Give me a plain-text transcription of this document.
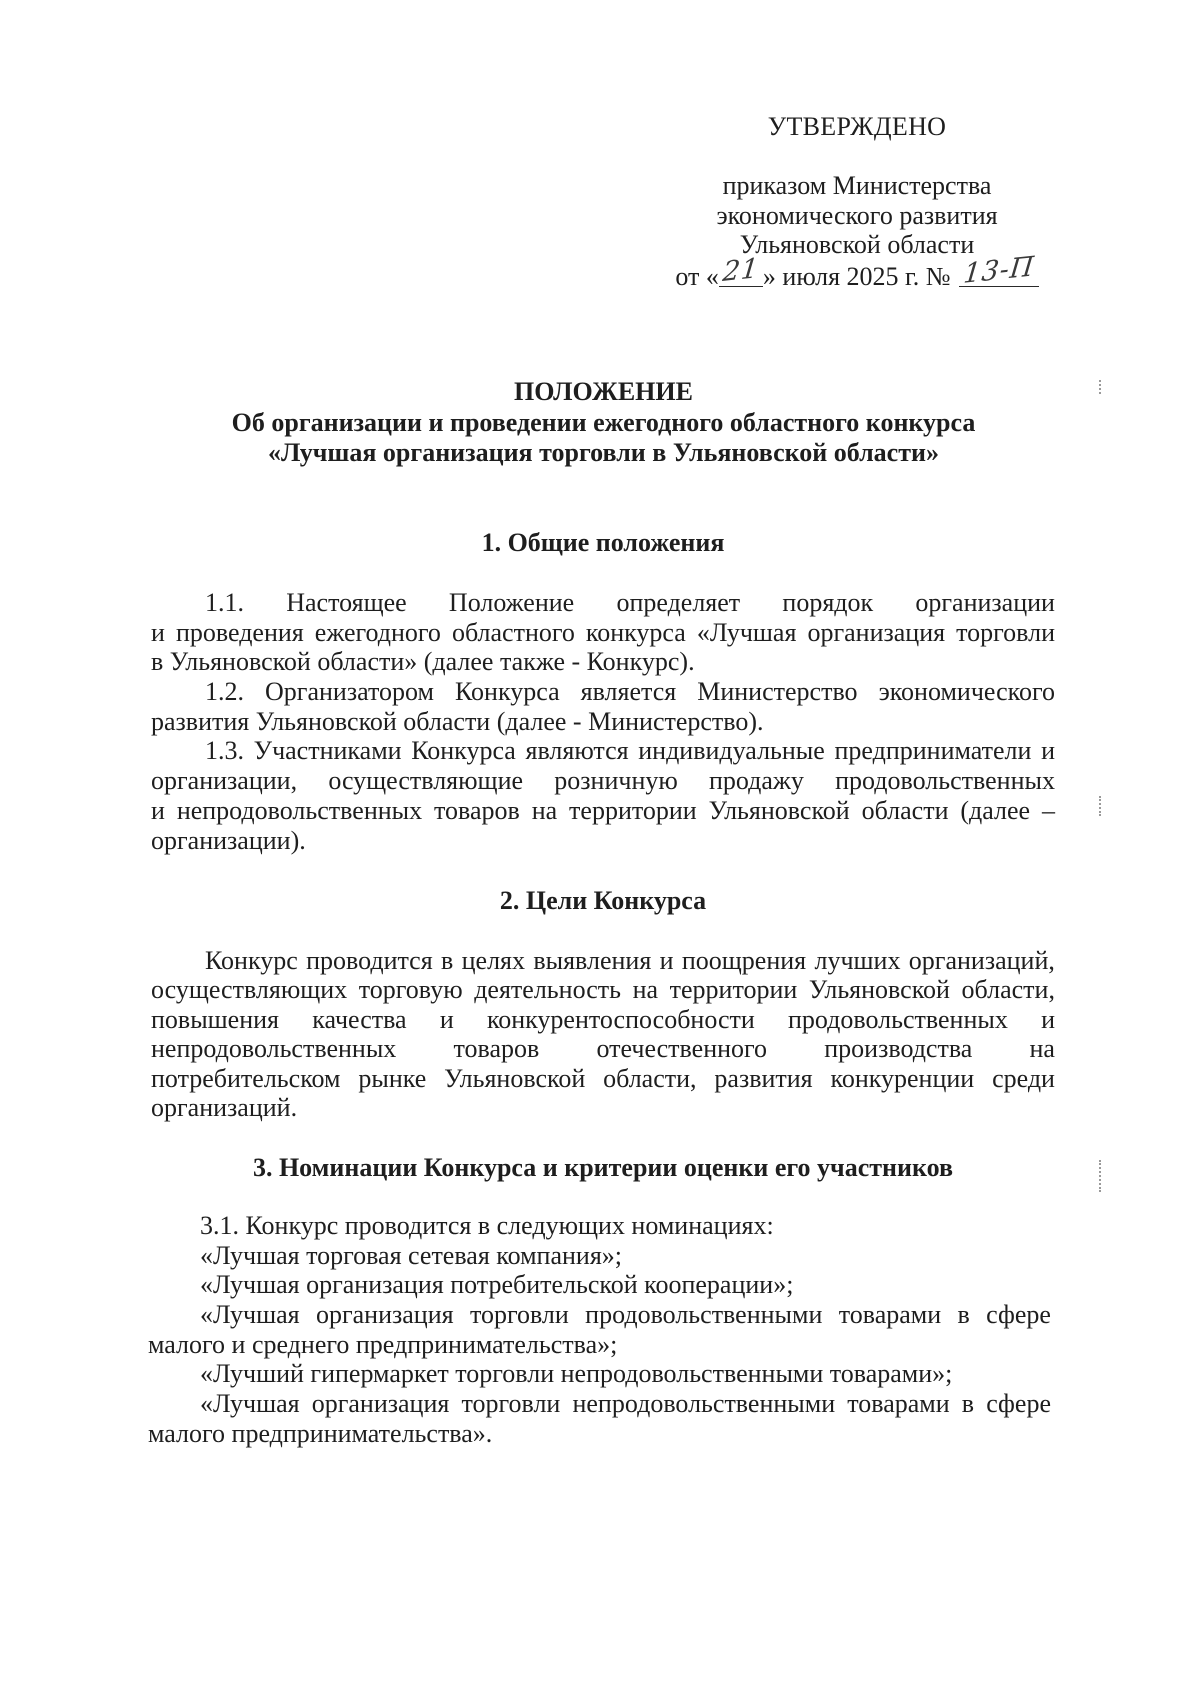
УТВЕРЖДЕНО
приказом Министерства
экономического развития
Ульяновской области
от « 21 » июля 2025 г. № 13-П
ПОЛОЖЕНИЕ
Об организации и проведении ежегодного областного конкурса
«Лучшая организация торговли в Ульяновской области»
1. Общие положения
1.1. Настоящее Положение определяет порядок организации
и проведения ежегодного областного конкурса «Лучшая организация торговли
в Ульяновской области» (далее также - Конкурс).
1.2. Организатором Конкурса является Министерство экономического
развития Ульяновской области (далее - Министерство).
1.3. Участниками Конкурса являются индивидуальные предприниматели и
организации, осуществляющие розничную продажу продовольственных
и непродовольственных товаров на территории Ульяновской области (далее –
организации).
2. Цели Конкурса
Конкурс проводится в целях выявления и поощрения лучших организаций,
осуществляющих торговую деятельность на территории Ульяновской области,
повышения качества и конкурентоспособности продовольственных и
непродовольственных товаров отечественного производства на
потребительском рынке Ульяновской области, развития конкуренции среди
организаций.
3. Номинации Конкурса и критерии оценки его участников
3.1. Конкурс проводится в следующих номинациях:
«Лучшая торговая сетевая компания»;
«Лучшая организация потребительской кооперации»;
«Лучшая организация торговли продовольственными товарами в сфере
малого и среднего предпринимательства»;
«Лучший гипермаркет торговли непродовольственными товарами»;
«Лучшая организация торговли непродовольственными товарами в сфере
малого предпринимательства».
